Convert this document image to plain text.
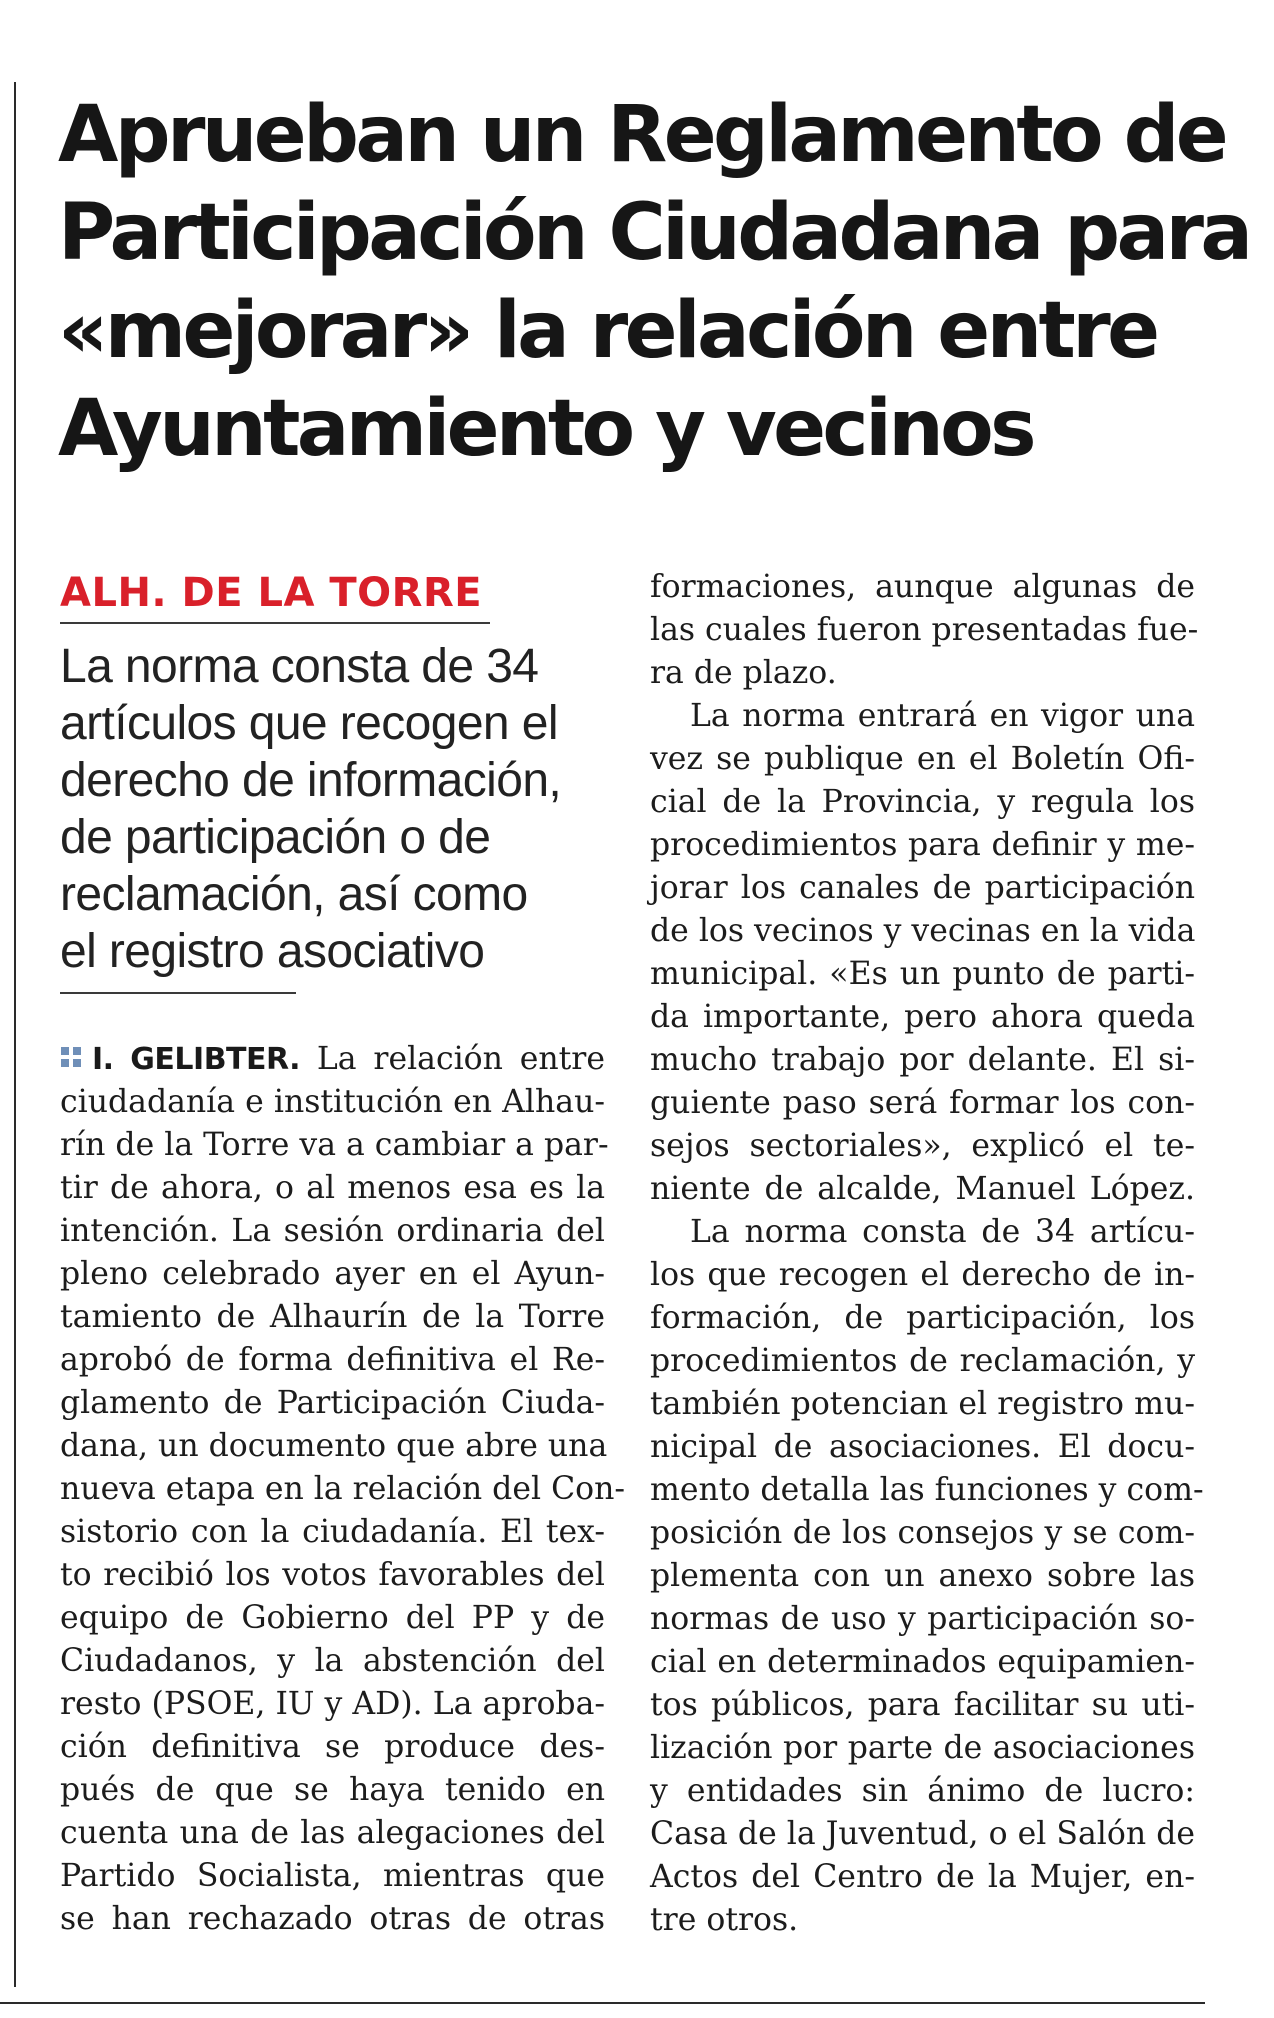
Aprueban un Reglamento de
Participación Ciudadana para
«mejorar» la relación entre
Ayuntamiento y vecinos
ALH. DE LA TORRE
La norma consta de 34
artículos que recogen el
derecho de información,
de participación o de
reclamación, así como
el registro asociativo
I. GELIBTER. La relación entre
ciudadanía e institución en Alhau-
rín de la Torre va a cambiar a par-
tir de ahora, o al menos esa es la
intención. La sesión ordinaria del
pleno celebrado ayer en el Ayun-
tamiento de Alhaurín de la Torre
aprobó de forma definitiva el Re-
glamento de Participación Ciuda-
dana, un documento que abre una
nueva etapa en la relación del Con-
sistorio con la ciudadanía. El tex-
to recibió los votos favorables del
equipo de Gobierno del PP y de
Ciudadanos, y la abstención del
resto (PSOE, IU y AD). La aproba-
ción definitiva se produce des-
pués de que se haya tenido en
cuenta una de las alegaciones del
Partido Socialista, mientras que
se han rechazado otras de otras
formaciones, aunque algunas de
las cuales fueron presentadas fue-
ra de plazo.
La norma entrará en vigor una
vez se publique en el Boletín Ofi-
cial de la Provincia, y regula los
procedimientos para definir y me-
jorar los canales de participación
de los vecinos y vecinas en la vida
municipal. «Es un punto de parti-
da importante, pero ahora queda
mucho trabajo por delante. El si-
guiente paso será formar los con-
sejos sectoriales», explicó el te-
niente de alcalde, Manuel López.
La norma consta de 34 artícu-
los que recogen el derecho de in-
formación, de participación, los
procedimientos de reclamación, y
también potencian el registro mu-
nicipal de asociaciones. El docu-
mento detalla las funciones y com-
posición de los consejos y se com-
plementa con un anexo sobre las
normas de uso y participación so-
cial en determinados equipamien-
tos públicos, para facilitar su uti-
lización por parte de asociaciones
y entidades sin ánimo de lucro:
Casa de la Juventud, o el Salón de
Actos del Centro de la Mujer, en-
tre otros.
